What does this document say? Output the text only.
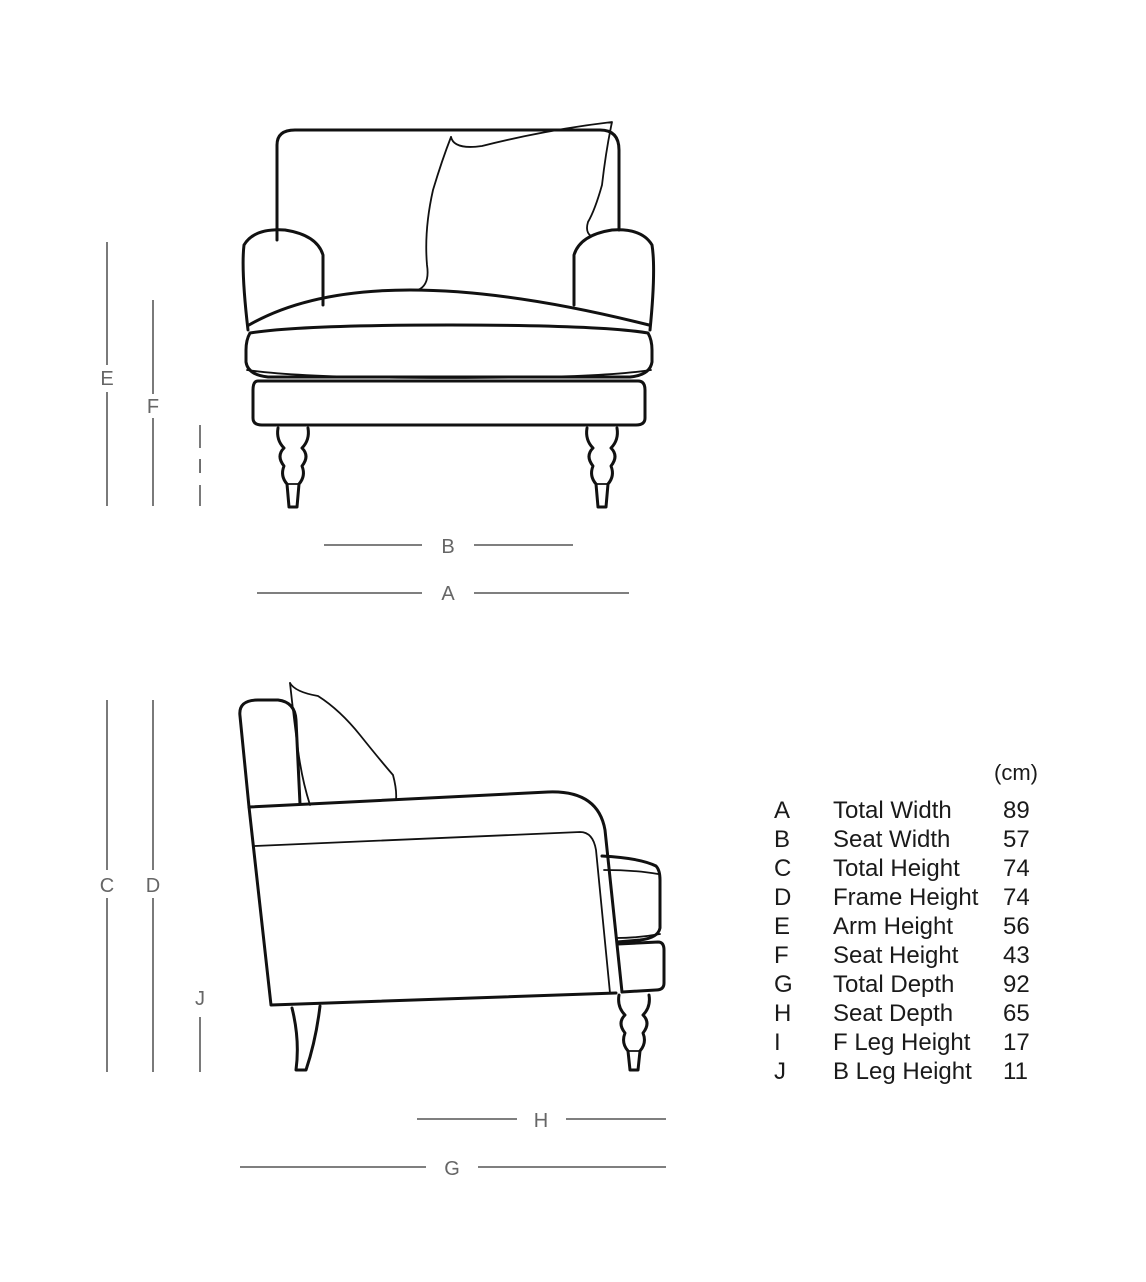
E
F
I
B
A
C D
J
H
G
(cm)
A	Total Width	89
B	Seat Width	57
C	Total Height	74
D	Frame Height	74
E	Arm Height	56
F	Seat Height	43
G	Total Depth	92
H	Seat Depth	65
I	F Leg Height	17
J	B Leg Height	11
